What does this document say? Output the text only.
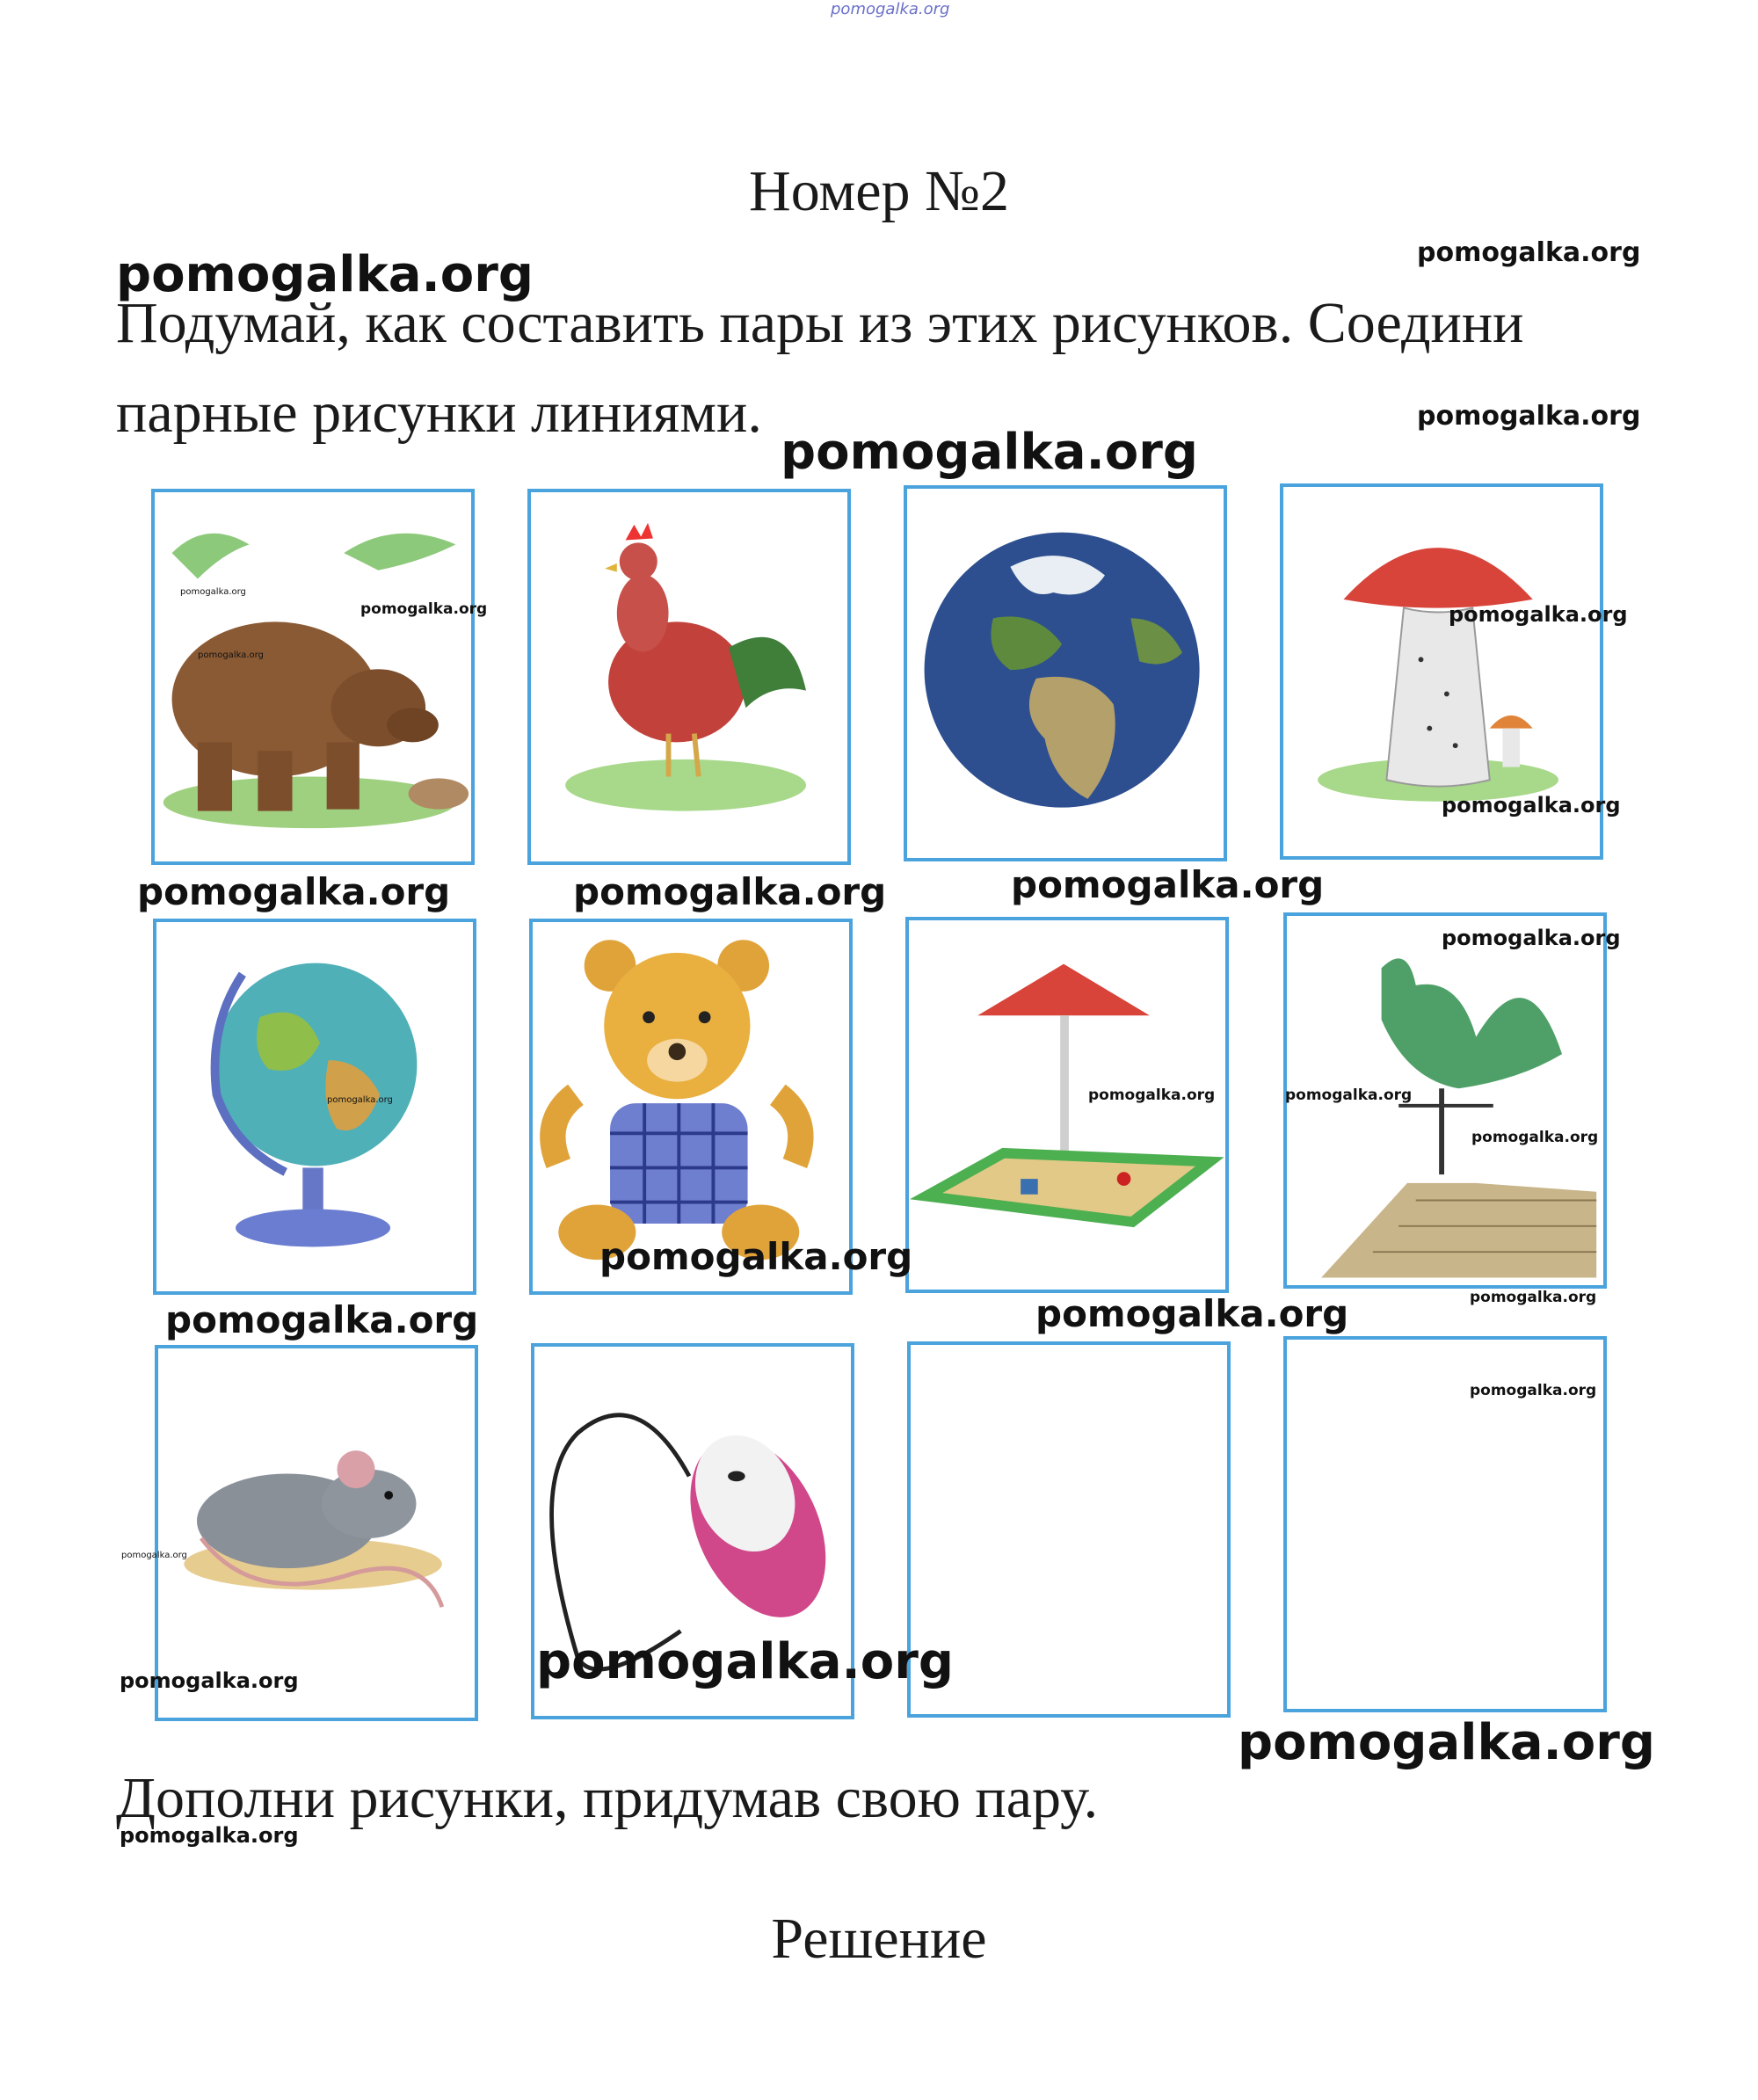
pomogalka.org
Номер №2
Подумай, как составить пары из этих рисунков. Соедини
парные рисунки линиями.
pomogalka.org	pomogalka.org
pomogalka.org
pomogalka.org
pomogalka.org
pomogalka.org
pomogalka.org
pomogalka.org
pomogalka.org
pomogalka.org	pomogalka.org	pomogalka.org
pomogalka.org	pomogalka.org
pomogalka.org
pomogalka.org
pomogalka.org
pomogalka.org
pomogalka.org	pomogalka.org	pomogalka.org
pomogalka.org
pomogalka.org
pomogalka.org	pomogalka.org
pomogalka.org
Дополни рисунки, придумав свою пару.
pomogalka.org
Решение
